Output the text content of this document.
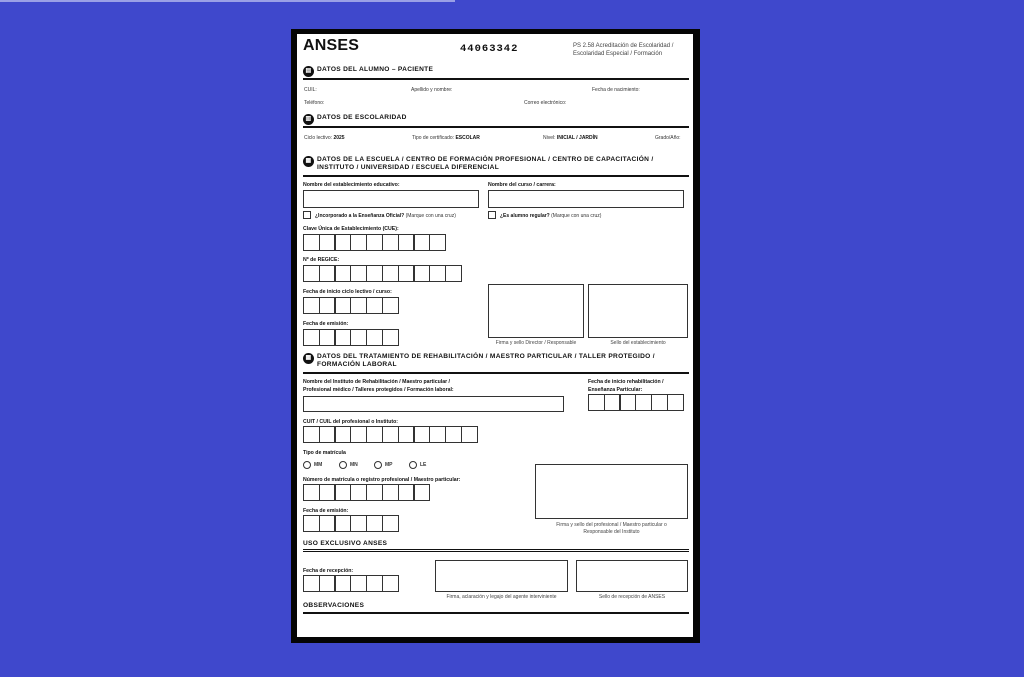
ANSES	44063342	PS 2.58 Acreditación de Escolaridad / Escolaridad Especial / Formación
▤ DATOS DEL ALUMNO – PACIENTE
CUIL:	Apellido y nombre:	Fecha de nacimiento:
Teléfono:	Correo electrónico:
▥ DATOS DE ESCOLARIDAD
Ciclo lectivo: 2025	Tipo de certificado: ESCOLAR	Nivel: INICIAL / JARDÍN	Grado/Año:
▦ DATOS DE LA ESCUELA / CENTRO DE FORMACIÓN PROFESIONAL / CENTRO DE CAPACITACIÓN /
INSTITUTO / UNIVERSIDAD / ESCUELA DIFERENCIAL
Nombre del establecimiento educativo:	Nombre del curso / carrera:
¿Incorporado a la Enseñanza Oficial? (Marque con una cruz)	¿Es alumno regular? (Marque con una cruz)
Clave Única de Establecimiento (CUE):
Nº de REGICE:
Fecha de inicio ciclo lectivo / curso:
Fecha de emisión:
Firma y sello Director / Responsable	Sello del establecimiento
▦ DATOS DEL TRATAMIENTO DE REHABILITACIÓN / MAESTRO PARTICULAR / TALLER PROTEGIDO /
FORMACIÓN LABORAL
Nombre del Instituto de Rehabilitación / Maestro particular /
Profesional médico / Talleres protegidos / Formación laboral:
Fecha de inicio rehabilitación /
Enseñanza Particular:
CUIT / CUIL del profesional o Instituto:
Tipo de matrícula
MM	MN	MP	LE
Número de matrícula o registro profesional / Maestro particular:
Fecha de emisión:
Firma y sello del profesional / Maestro particular o
Responsable del Instituto
USO EXCLUSIVO ANSES
Fecha de recepción:
Firma, aclaración y legajo del agente interviniente	Sello de recepción de ANSES
OBSERVACIONES
